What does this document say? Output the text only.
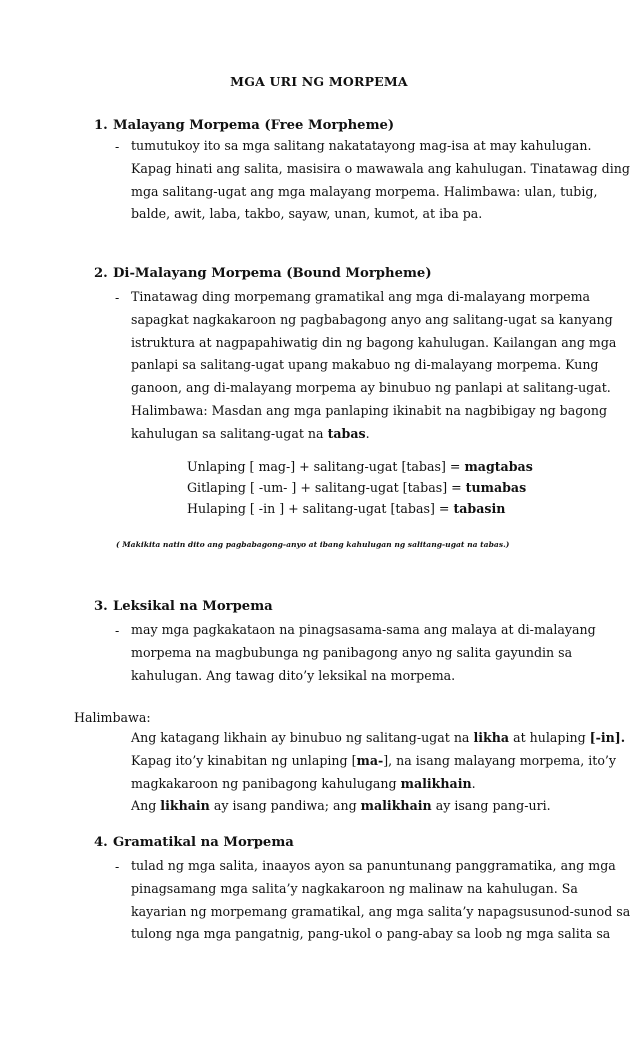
MGA URI NG MORPEMA
1. Malayang Morpema (Free Morpheme)
- tumutukoy ito sa mga salitang nakatatayong mag-isa at may kahulugan.
Kapag hinati ang salita, masisira o mawawala ang kahulugan. Tinatawag ding
mga salitang-ugat ang mga malayang morpema. Halimbawa: ulan, tubig,
balde, awit, laba, takbo, sayaw, unan, kumot, at iba pa.
2. Di-Malayang Morpema (Bound Morpheme)
- Tinatawag ding morpemang gramatikal ang mga di-malayang morpema
sapagkat nagkakaroon ng pagbabagong anyo ang salitang-ugat sa kanyang
istruktura at nagpapahiwatig din ng bagong kahulugan. Kailangan ang mga
panlapi sa salitang-ugat upang makabuo ng di-malayang morpema. Kung
ganoon, ang di-malayang morpema ay binubuo ng panlapi at salitang-ugat.
Halimbawa: Masdan ang mga panlaping ikinabit na nagbibigay ng bagong
kahulugan sa salitang-ugat na tabas.
Unlaping [ mag-] + salitang-ugat [tabas] = magtabas
Gitlaping [ -um- ] + salitang-ugat [tabas] = tumabas
Hulaping [ -in ] + salitang-ugat [tabas] = tabasin
( Makikita natin dito ang pagbabagong-anyo at ibang kahulugan ng salitang-ugat na tabas.)
3. Leksikal na Morpema
- may mga pagkakataon na pinagsasama-sama ang malaya at di-malayang
morpema na magbubunga ng panibagong anyo ng salita gayundin sa
kahulugan. Ang tawag dito’y leksikal na morpema.
Halimbawa:
Ang katagang likhain ay binubuo ng salitang-ugat na likha at hulaping [-in].
Kapag ito’y kinabitan ng unlaping [ma-], na isang malayang morpema, ito’y
magkakaroon ng panibagong kahulugang malikhain.
Ang likhain ay isang pandiwa; ang malikhain ay isang pang-uri.
4. Gramatikal na Morpema
- tulad ng mga salita, inaayos ayon sa panuntunang panggramatika, ang mga
pinagsamang mga salita’y nagkakaroon ng malinaw na kahulugan. Sa
kayarian ng morpemang gramatikal, ang mga salita’y napagsusunod-sunod sa
tulong nga mga pangatnig, pang-ukol o pang-abay sa loob ng mga salita sa
